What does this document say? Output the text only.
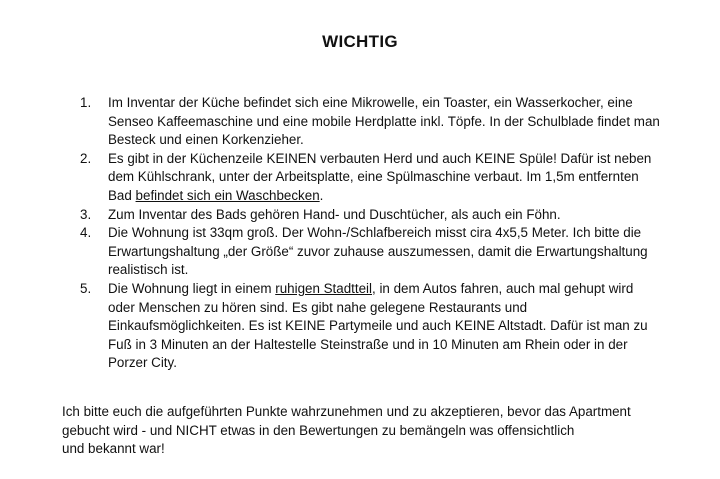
WICHTIG
1. Im Inventar der Küche befindet sich eine Mikrowelle, ein Toaster, ein Wasserkocher, eine Senseo Kaffeemaschine und eine mobile Herdplatte inkl. Töpfe. In der Schulblade findet man Besteck und einen Korkenzieher.
2. Es gibt in der Küchenzeile KEINEN verbauten Herd und auch KEINE Spüle! Dafür ist neben dem Kühlschrank, unter der Arbeitsplatte, eine Spülmaschine verbaut. Im 1,5m entfernten Bad befindet sich ein Waschbecken.
3. Zum Inventar des Bads gehören Hand- und Duschtücher, als auch ein Föhn.
4. Die Wohnung ist 33qm groß. Der Wohn-/Schlafbereich misst cira 4x5,5 Meter. Ich bitte die Erwartungshaltung „der Größe“ zuvor zuhause auszumessen, damit die Erwartungshaltung realistisch ist.
5. Die Wohnung liegt in einem ruhigen Stadtteil, in dem Autos fahren, auch mal gehupt wird oder Menschen zu hören sind. Es gibt nahe gelegene Restaurants und Einkaufsmöglichkeiten. Es ist KEINE Partymeile und auch KEINE Altstadt. Dafür ist man zu Fuß in 3 Minuten an der Haltestelle Steinstraße und in 10 Minuten am Rhein oder in der Porzer City.
Ich bitte euch die aufgeführten Punkte wahrzunehmen und zu akzeptieren, bevor das Apartment
gebucht wird - und NICHT etwas in den Bewertungen zu bemängeln was offensichtlich
und bekannt war!
